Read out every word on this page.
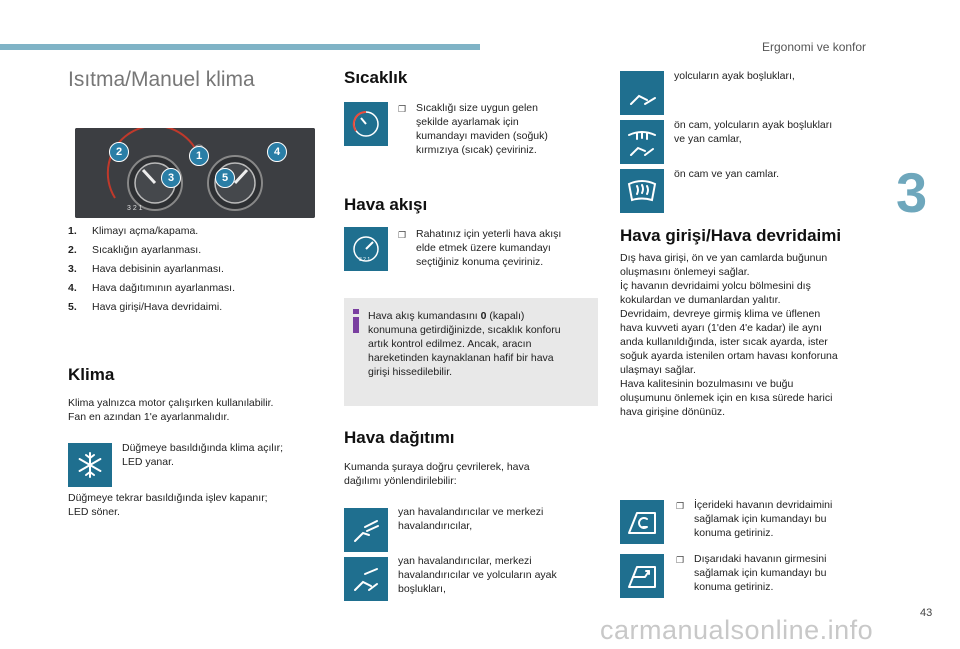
Ergonomi ve konfor
3
43
Isıtma/Manuel klima
3 2 1
1
2
3
4
5
1. Klimayı açma/kapama.
2. Sıcaklığın ayarlanması.
3. Hava debisinin ayarlanması.
4. Hava dağıtımının ayarlanması.
5. Hava girişi/Hava devridaimi.
Klima
Klima yalnızca motor çalışırken kullanılabilir.
Fan en azından 1'e ayarlanmalıdır.
Düğmeye basıldığında klima açılır;
LED yanar.
Düğmeye tekrar basıldığında işlev kapanır;
LED söner.
Sıcaklık
❐ Sıcaklığı size uygun gelen
şekilde ayarlamak için
kumandayı maviden (soğuk)
kırmızıya (sıcak) çeviriniz.
Hava akışı
3 2 1
❐ Rahatınız için yeterli hava akışı
elde etmek üzere kumandayı
seçtiğiniz konuma çeviriniz.
Hava akış kumandasını 0 (kapalı)
konumuna getirdiğinizde, sıcaklık konforu
artık kontrol edilmez. Ancak, aracın
hareketinden kaynaklanan hafif bir hava
girişi hissedilebilir.
Hava dağıtımı
Kumanda şuraya doğru çevrilerek, hava
dağılımı yönlendirilebilir:
yan havalandırıcılar ve merkezi
havalandırıcılar,
yan havalandırıcılar, merkezi
havalandırıcılar ve yolcuların ayak
boşlukları,
yolcuların ayak boşlukları,
ön cam, yolcuların ayak boşlukları
ve yan camlar,
ön cam ve yan camlar.
Hava girişi/Hava devridaimi
Dış hava girişi, ön ve yan camlarda buğunun
oluşmasını önlemeyi sağlar.
İç havanın devridaimi yolcu bölmesini dış
kokulardan ve dumanlardan yalıtır.
Devridaim, devreye girmiş klima ve üflenen
hava kuvveti ayarı (1'den 4'e kadar) ile aynı
anda kullanıldığında, ister sıcak ayarda, ister
soğuk ayarda istenilen ortam havası konforuna
ulaşmayı sağlar.
Hava kalitesinin bozulmasını ve buğu
oluşumunu önlemek için en kısa sürede harici
hava girişine dönünüz.
❐ İçerideki havanın devridaimini
sağlamak için kumandayı bu
konuma getiriniz.
❐ Dışarıdaki havanın girmesini
sağlamak için kumandayı bu
konuma getiriniz.
carmanualsonline.info
